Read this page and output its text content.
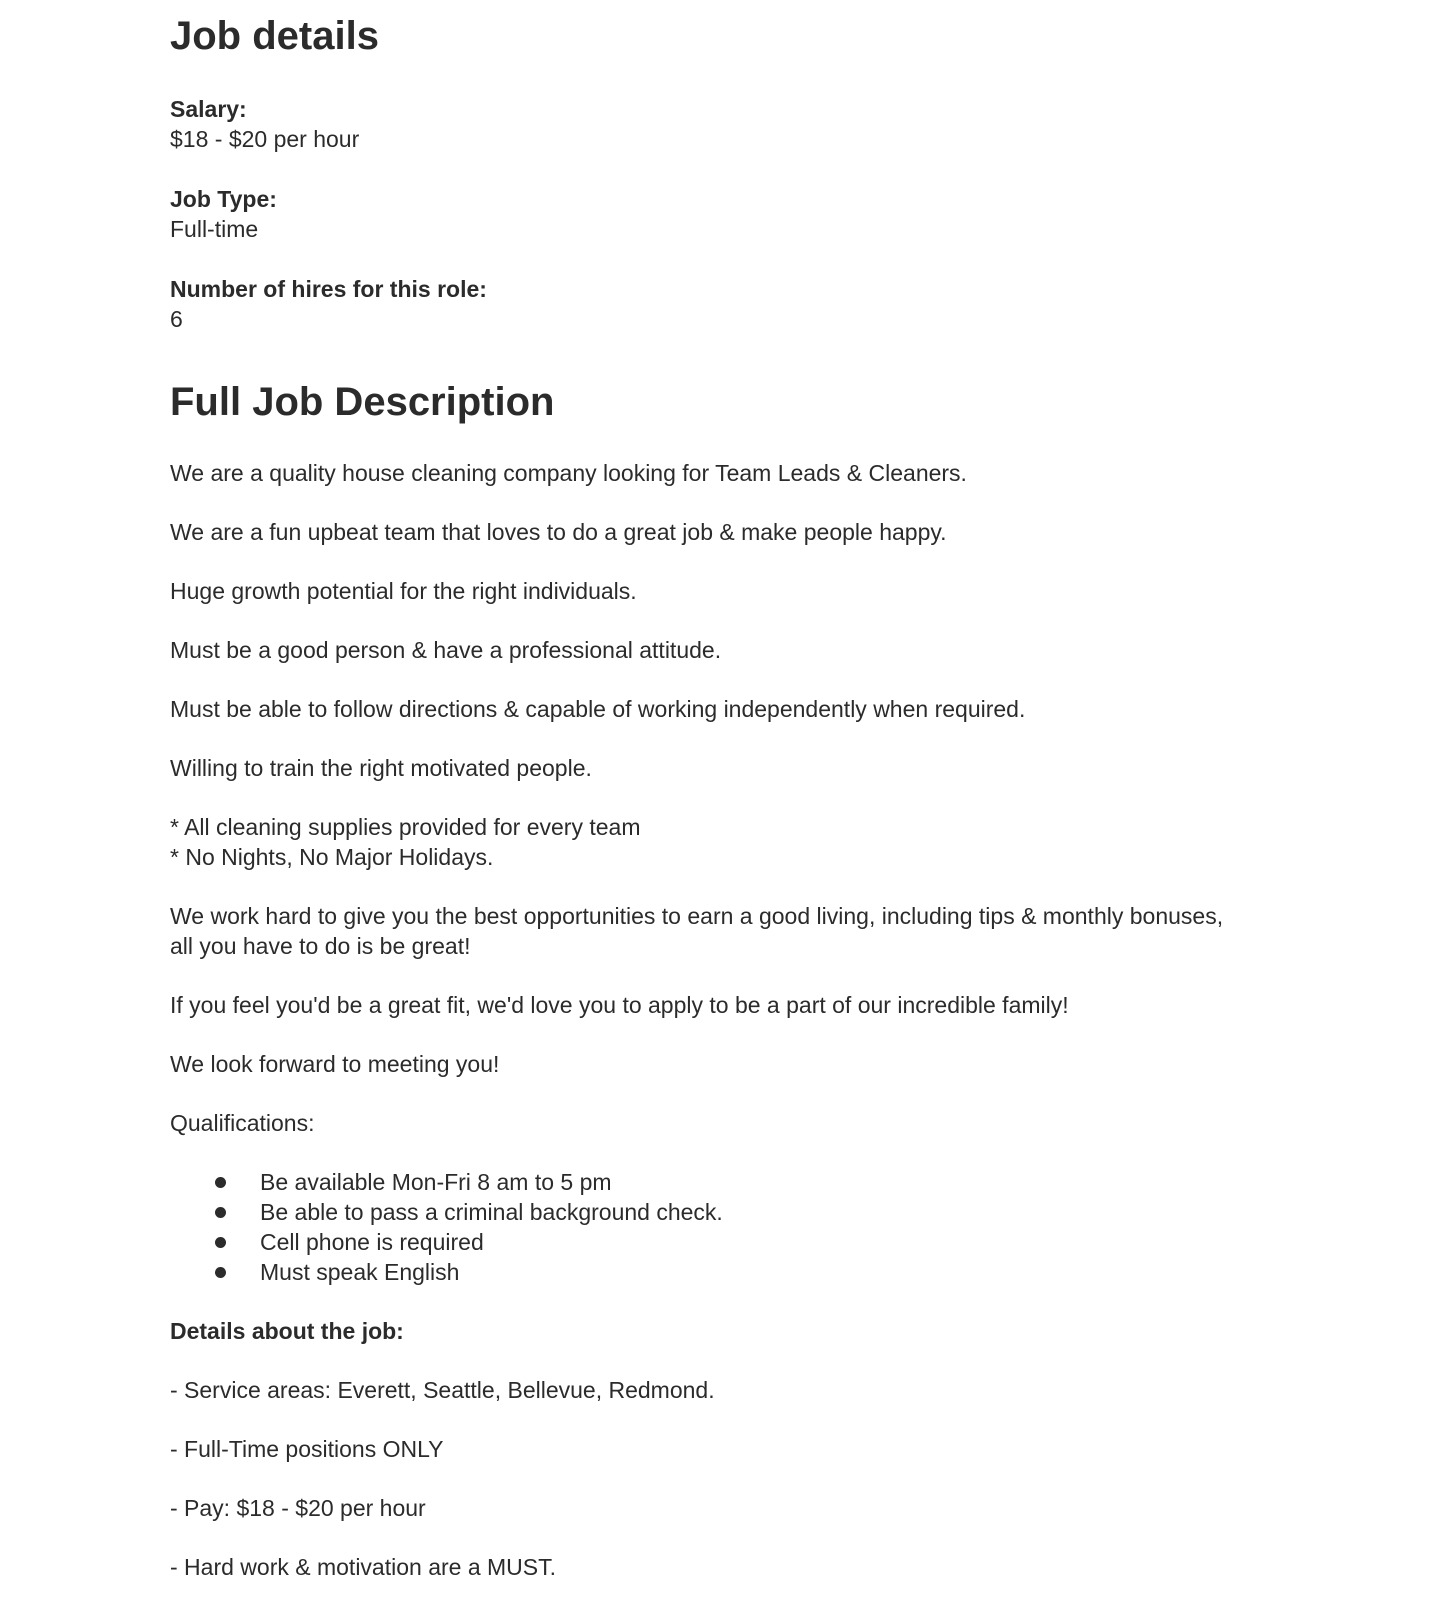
Job details
Salary:
$18 - $20 per hour
Job Type:
Full-time
Number of hires for this role:
6
Full Job Description

We are a quality house cleaning company looking for Team Leads & Cleaners.

We are a fun upbeat team that loves to do a great job & make people happy.

Huge growth potential for the right individuals.

Must be a good person & have a professional attitude.

Must be able to follow directions & capable of working independently when required.

Willing to train the right motivated people.

* All cleaning supplies provided for every team
* No Nights, No Major Holidays.

We work hard to give you the best opportunities to earn a good living, including tips & monthly bonuses,
all you have to do is be great!

If you feel you'd be a great fit, we'd love you to apply to be a part of our incredible family!

We look forward to meeting you!

Qualifications:

Be available Mon-Fri 8 am to 5 pm
Be able to pass a criminal background check.
Cell phone is required
Must speak English

Details about the job:

- Service areas: Everett, Seattle, Bellevue, Redmond.

- Full-Time positions ONLY

- Pay: $18 - $20 per hour

- Hard work & motivation are a MUST.
